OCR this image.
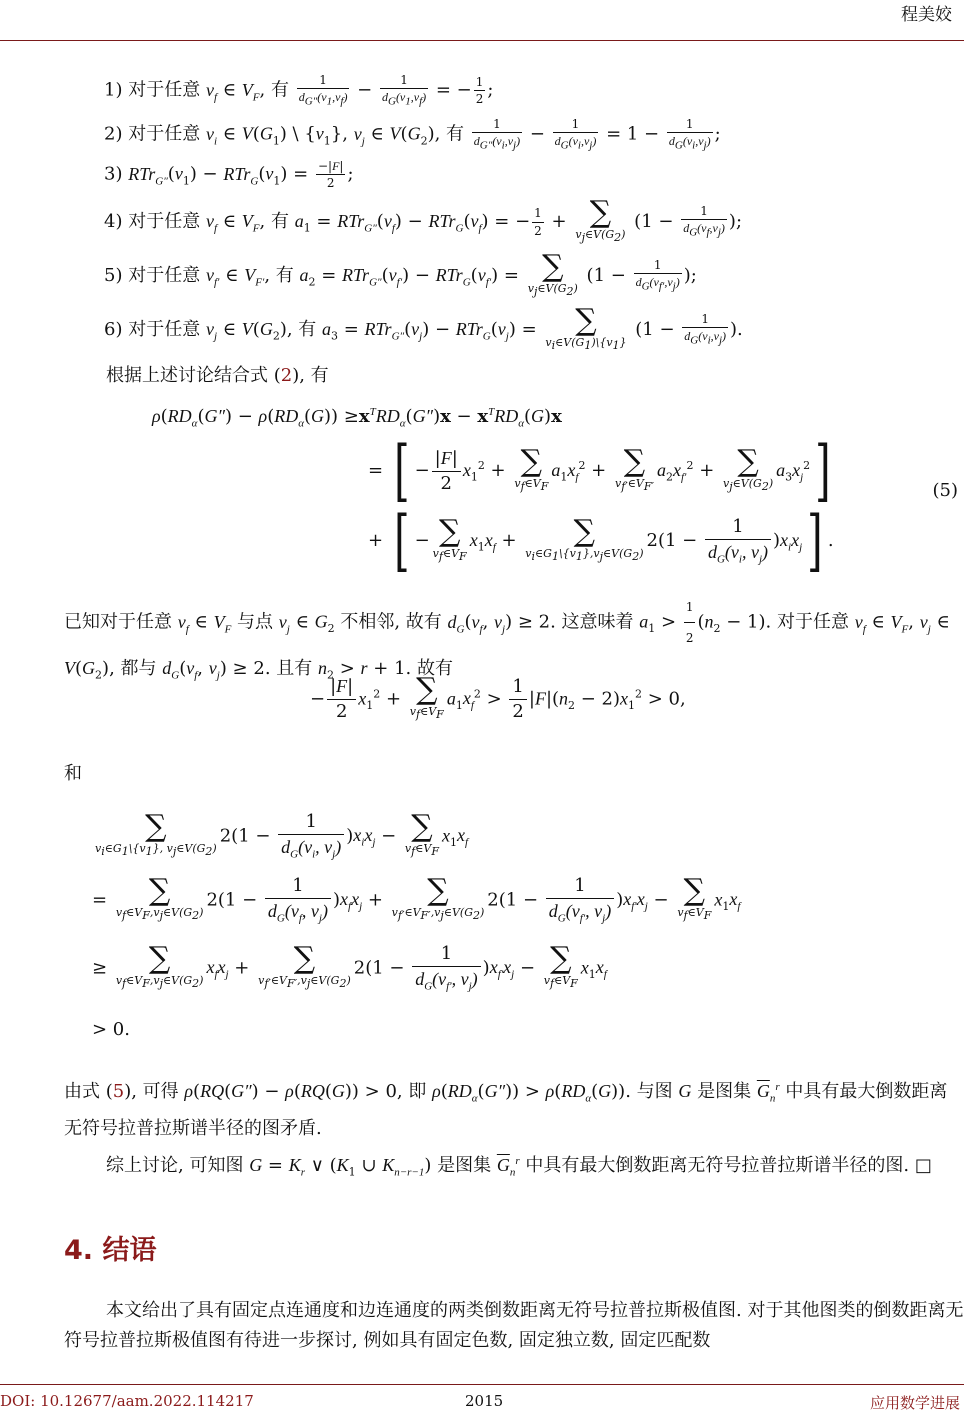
程美姣
1) 对于任意 $v_f$ ∈ $V_F$, 有 $\frac{1}{d_{G''}(v_1,v_f)} - \frac{1}{d_G(v_1,v_f)}$ = − $\frac{1}{2}$ ;
2) 对于任意 $v_i$ ∈ $V(G_1)$ \ $\{v_1\}$, $v_j$ ∈ $V(G_2)$, 有 $\frac{1}{d_{G''}(v_i,v_j)} - \frac{1}{d_G(v_i,v_j)} = 1 - \frac{1}{d_G(v_i,v_j)}$ ;
3) $RTr_{G''}(v_1) - RTr_G(v_1) = \frac{-|F|}{2}$ ;
4) 对于任意 $v_f$ ∈ $V_F$, 有 $a_1 = RTr_{G''}(v_f) - RTr_G(v_f)$ = − $\frac{1}{2}$ + ∑
$v_j\in V(G_2)$
($1 - \frac{1}{d_G(v_f,v_j)}$ );
5) 对于任意 $v_{f'}$ ∈ $V_{F'}$, 有 $a_2 = RTr_{G''}(v_{f'}) - RTr_G(v_{f'})$ = ∑
$v_j\in V(G_2)$
($1 - \frac{1}{d_G(v_{f'},v_j)}$ );
6) 对于任意 $v_j$ ∈ $V(G_2)$, 有 $a_3 = RTr_{G''}(v_j) - RTr_G(v_j)$ =	∑
$v_i\in V(G_1)\backslash\{v_1\}$
($1 - \frac{1}{d_G(v_i,v_j)}$ ).
根据上述讨论结合式 (2), 有
$\rho(RD_\alpha(G'') - \rho(RD_\alpha(G)) \ge x^TRD_\alpha(G'')x - x^TRD_\alpha(G)x$
= [ − $\frac{|F|}{2} x_1^2$ + ∑
$v_f\in V_F$
$a_1x_f^2$ + ∑
$v_{f'}\in V_{F'}$
$a_2x_{f'}^2$ + ∑
$v_j\in V(G_2)$
$a_3x_j^2$]	(5)
+ [ − ∑
$v_f\in V_F$
$x_1x_f$ +	∑
$v_i\in G_1\backslash\{v_1\},v_j\in V(G_2)$
$2(1 - \frac{1}{d_G(v_i, v_j)} )x_ix_j$] .
已知对于任意 $v_f$ ∈ $V_F$ 与点 $v_j$ ∈ $G_2$ 不相邻, 故有 $d_G(v_f$, $v_j) \ge 2$. 这意味着 $a_1 > \frac{1}{2} (n_2 - 1)$. 对于任意 $v_f$ ∈ $V_F$, $v_j$ ∈ $V(G_2)$, 都与 $d_G(v_f$, $v_j) \ge 2$. 且有 $n_2 > r + 1$. 故有
− $\frac{|F|}{2} x_1^2$ + ∑
$v_f\in V_F$
$a_1x_f^2 > \frac{1}{2} |F|(n_2 - 2)x_1^2 > 0$,
和
∑
$v_i\in G_1\backslash\{v_1\}$, $v_j\in V(G_2)$
$2(1 - \frac{1}{d_G(v_i, v_j)} )x_ix_j$ − ∑
$v_f\in V_F$
$x_1x_f$
=	∑
$v_f\in V_F,v_j\in V(G_2)$
$2(1 - \frac{1}{d_G(v_f, v_j)} )x_fx_j$ +	∑
$v_{f'}\in V_{F'},v_j\in V(G_2)$
$2(1 - \frac{1}{d_G(v_{f'}, v_j)} )x_{f'}x_j$ − ∑
$v_f\in V_F$
$x_1x_f$
≥	∑
$v_f\in V_F,v_j\in V(G_2)$
$x_fx_j$ +	∑
$v_{f'}\in V_{F'},v_j\in V(G_2)$
$2(1 - \frac{1}{d_G(v_{f'}, v_j)} )x_{f'}x_j$ − ∑
$v_f\in V_F$
$x_1x_f$
> 0.
由式 (5), 可得 ρ(RQ(G″) − ρ(RQ(G)) > 0, 即 $\rho(RD_\alpha(G'')) > \rho(RD_\alpha(G))$. 与图 G 是图集 $\overline{G}_n^r$ 中具有最大倒数距离无符号拉普拉斯谱半径的图矛盾.
综上讨论, 可知图 $G = K_r$ ∨ ($K_1$ ∪ $K_{n-r-1}$) 是图集 $\overline{G}_n^r$ 中具有最大倒数距离无符号拉普拉斯谱半径的图. □
4. 结语
本文给出了具有固定点连通度和边连通度的两类倒数距离无符号拉普拉斯极值图. 对于其他图类的倒数距离无符号拉普拉斯极值图有待进一步探讨, 例如具有固定色数, 固定独立数, 固定匹配数
DOI: 10.12677/aam.2022.114217	2015	应用数学进展
